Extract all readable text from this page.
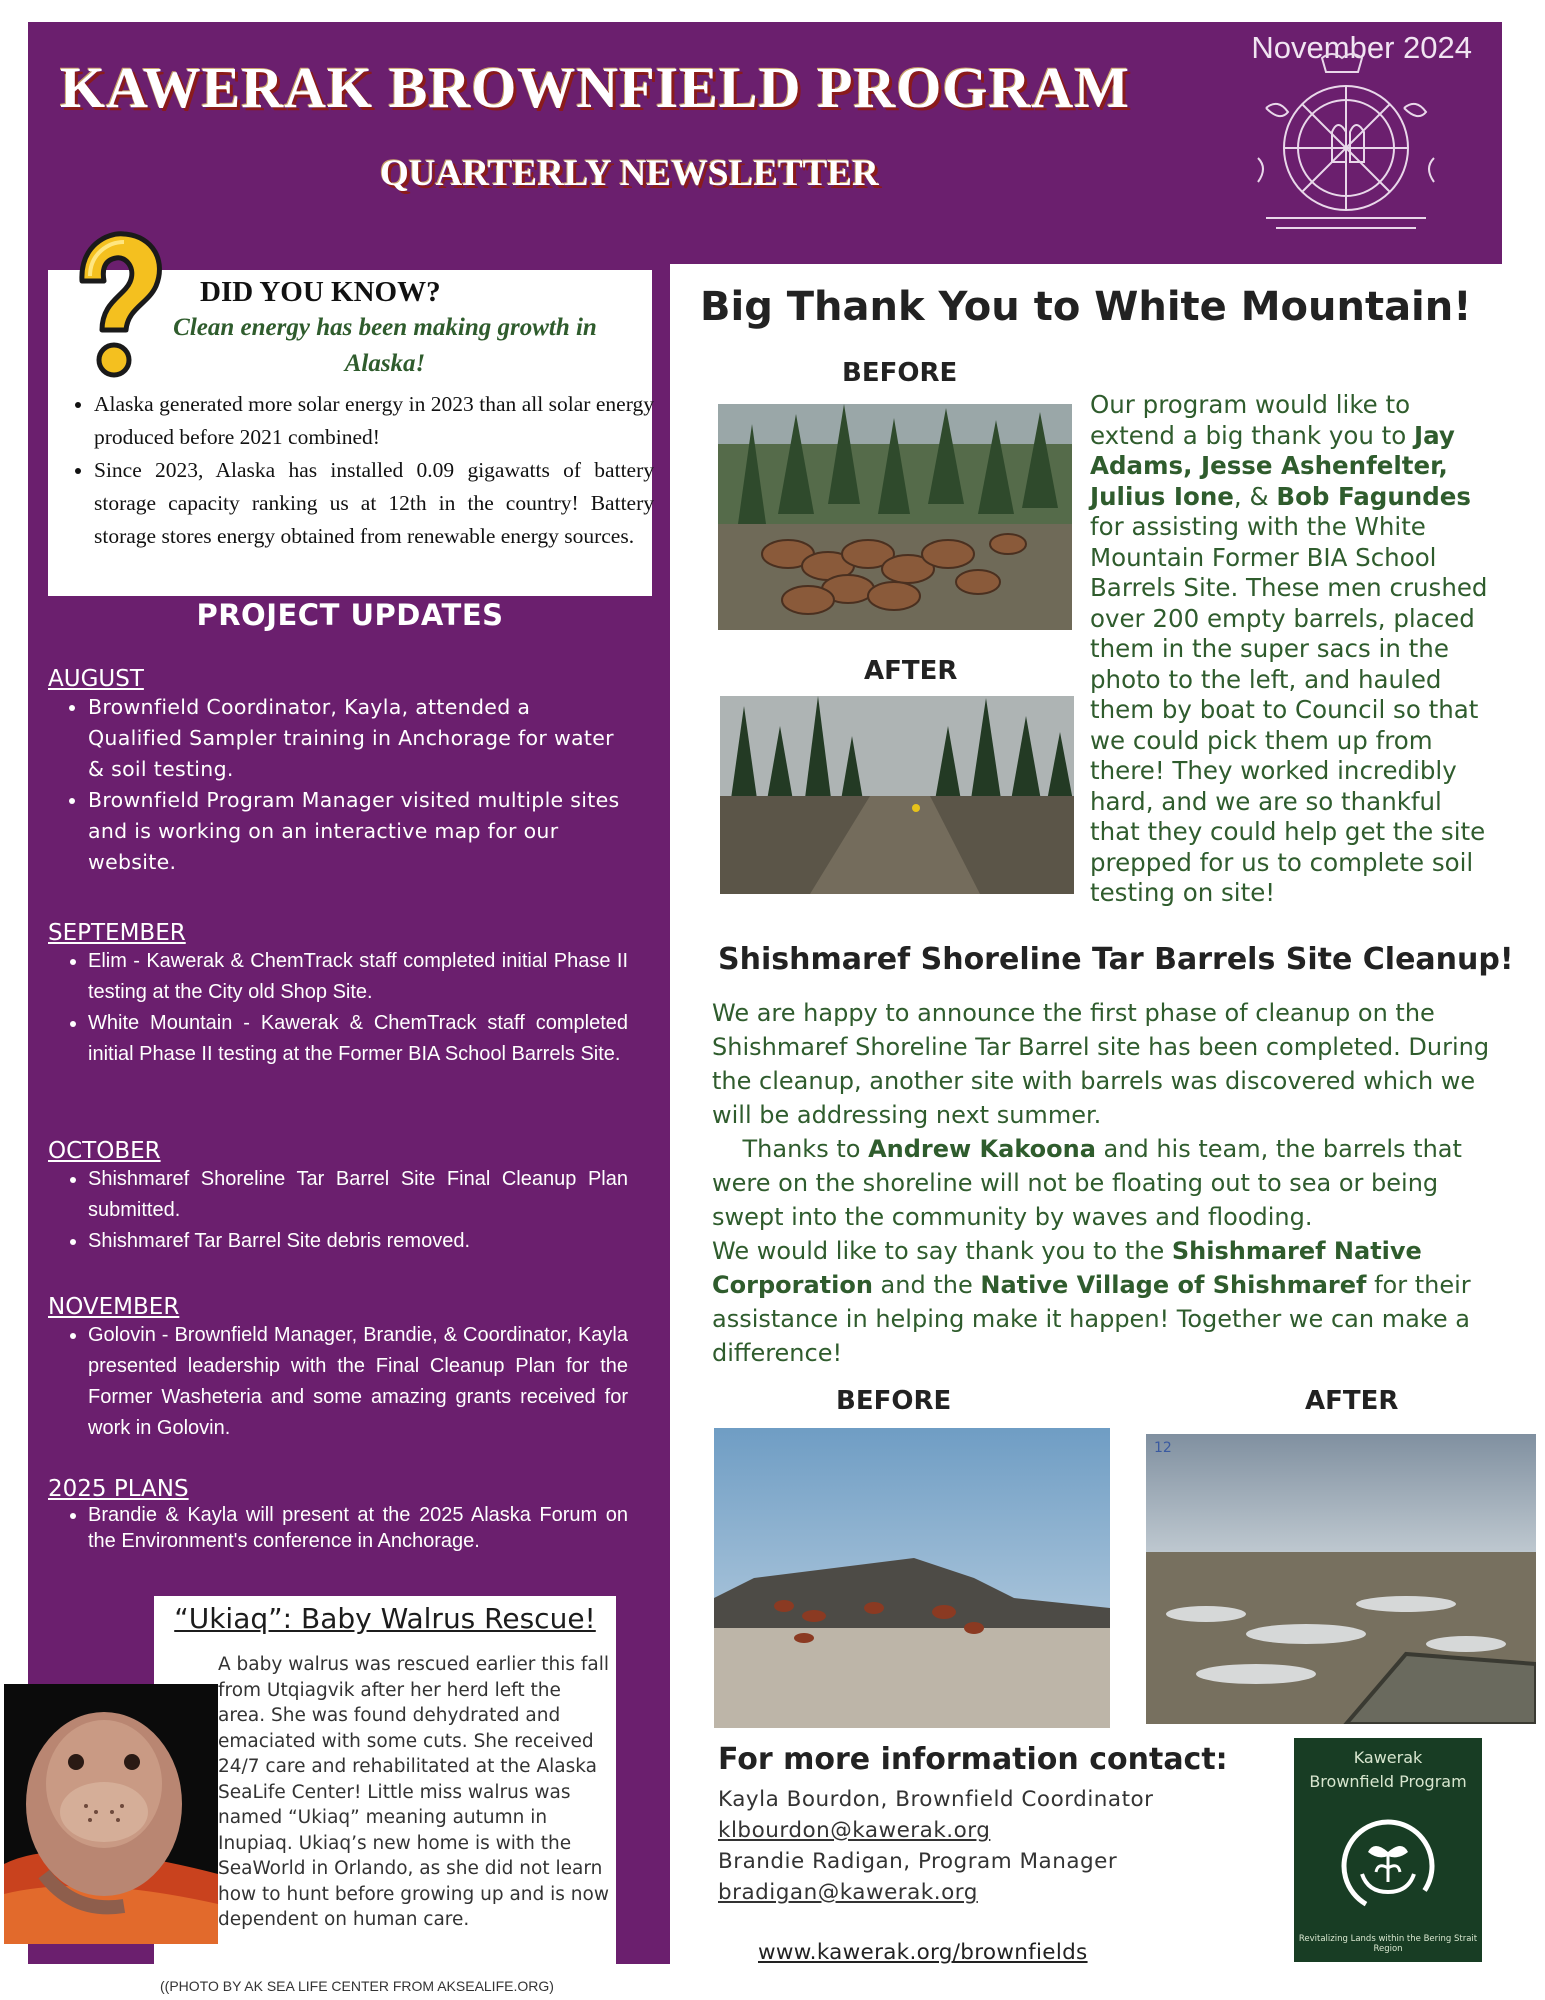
November 2024
KAWERAK BROWNFIELD PROGRAM
QUARTERLY NEWSLETTER
DID YOU KNOW?
Clean energy has been making growth in Alaska!
• Alaska generated more solar energy in 2023 than all solar energy produced before 2021 combined!
• Since 2023, Alaska has installed 0.09 gigawatts of battery storage capacity ranking us at 12th in the country! Battery storage stores energy obtained from renewable energy sources.
PROJECT UPDATES
AUGUST
• Brownfield Coordinator, Kayla, attended a Qualified Sampler training in Anchorage for water & soil testing.
• Brownfield Program Manager visited multiple sites and is working on an interactive map for our website.
SEPTEMBER
• Elim - Kawerak & ChemTrack staff completed initial Phase II testing at the City old Shop Site.
• White Mountain - Kawerak & ChemTrack staff completed initial Phase II testing at the Former BIA School Barrels Site.
OCTOBER
• Shishmaref Shoreline Tar Barrel Site Final Cleanup Plan submitted.
• Shishmaref Tar Barrel Site debris removed.
NOVEMBER
• Golovin - Brownfield Manager, Brandie, & Coordinator, Kayla presented leadership with the Final Cleanup Plan for the Former Washeteria and some amazing grants received for work in Golovin.
2025 PLANS
• Brandie & Kayla will present at the 2025 Alaska Forum on the Environment's conference in Anchorage.
“Ukiaq”: Baby Walrus Rescue!
A baby walrus was rescued earlier this fall from Utqiagvik after her herd left the area. She was found dehydrated and emaciated with some cuts. She received 24/7 care and rehabilitated at the Alaska SeaLife Center! Little miss walrus was named “Ukiaq” meaning autumn in Inupiaq. Ukiaq’s new home is with the SeaWorld in Orlando, as she did not learn how to hunt before growing up and is now dependent on human care.
((PHOTO BY AK SEA LIFE CENTER FROM AKSEALIFE.ORG)
Big Thank You to White Mountain!
BEFORE
AFTER
Our program would like to extend a big thank you to Jay Adams, Jesse Ashenfelter, Julius Ione, & Bob Fagundes for assisting with the White Mountain Former BIA School Barrels Site. These men crushed over 200 empty barrels, placed them in the super sacs in the photo to the left, and hauled them by boat to Council so that we could pick them up from there! They worked incredibly hard, and we are so thankful that they could help get the site prepped for us to complete soil testing on site!
Shishmaref Shoreline Tar Barrels Site Cleanup!

We are happy to announce the first phase of cleanup on the Shishmaref Shoreline Tar Barrel site has been completed. During the cleanup, another site with barrels was discovered which we will be addressing next summer.

Thanks to Andrew Kakoona and his team, the barrels that were on the shoreline will not be floating out to sea or being swept into the community by waves and flooding.

We would like to say thank you to the Shishmaref Native Corporation and the Native Village of Shishmaref for their assistance in helping make it happen! Together we can make a difference!

BEFORE	AFTER
12
For more information contact:
Kayla Bourdon, Brownfield Coordinator
klbourdon@kawerak.org
Brandie Radigan, Program Manager
bradigan@kawerak.org
www.kawerak.org/brownfields
Kawerak
Brownfield Program
Revitalizing Lands within the Bering Strait Region
